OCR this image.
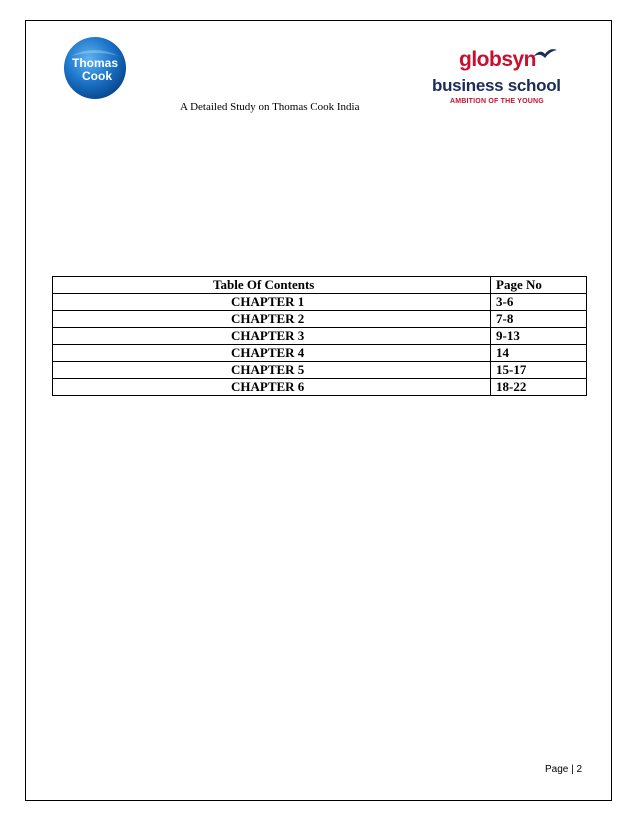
Thomas
Cook
A Detailed Study on Thomas Cook India
globsyn
business school
AMBITION OF THE YOUNG
Table Of Contents	Page No

CHAPTER 1	3-6

CHAPTER 2	7-8

CHAPTER 3	9-13

CHAPTER 4	14

CHAPTER 5	15-17

CHAPTER 6	18-22
Page | 2
